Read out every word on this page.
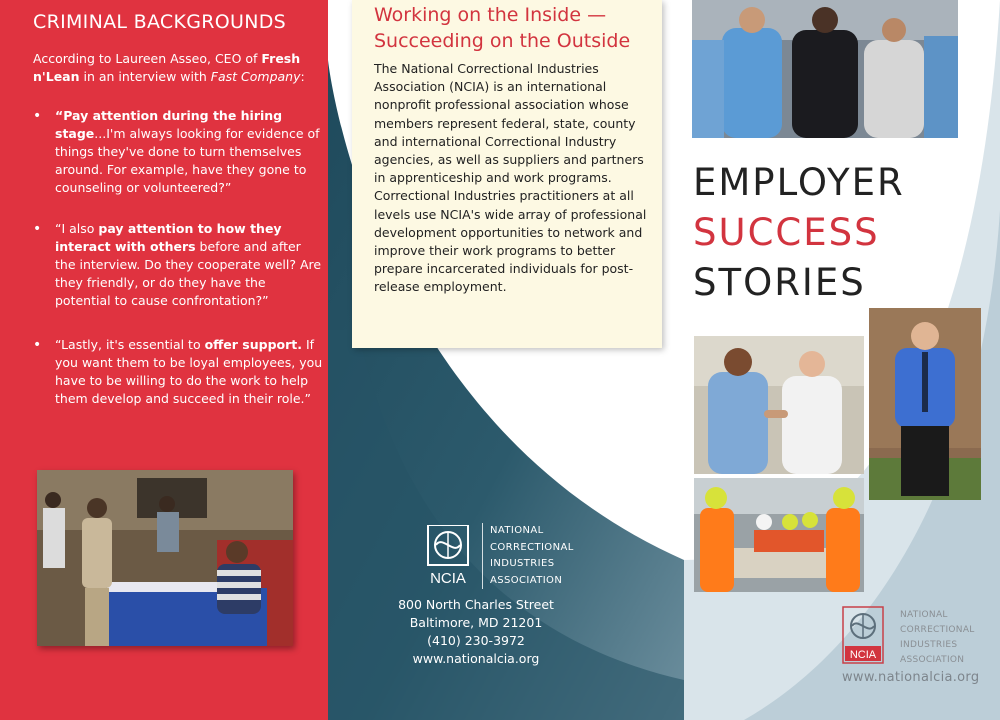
CRIMINAL BACKGROUNDS
According to Laureen Asseo, CEO of Fresh n'Lean in an interview with Fast Company:
• “Pay attention during the hiring stage...I'm always looking for evidence of things they've done to turn themselves around. For example, have they gone to counseling or volunteered?”
• “I also pay attention to how they interact with others before and after the interview. Do they cooperate well? Are they friendly, or do they have the potential to cause confrontation?”
• “Lastly, it's essential to offer support. If you want them to be loyal employees, you have to be willing to do the work to help them develop and succeed in their role.”
Working on the Inside —
Succeeding on the Outside
The National Correctional Industries Association (NCIA) is an international nonprofit professional association whose members represent federal, state, county and international Correctional Industry agencies, as well as suppliers and partners in apprenticeship and work programs. Correctional Industries practitioners at all levels use NCIA's wide array of professional development opportunities to network and improve their work programs to better prepare incarcerated individuals for post-release employment.
NCIA
NATIONAL
CORRECTIONAL
INDUSTRIES
ASSOCIATION
800 North Charles Street
Baltimore, MD 21201
(410) 230-3972
www.nationalcia.org
EMPLOYER
SUCCESS
STORIES
NCIA
NATIONAL
CORRECTIONAL
INDUSTRIES
ASSOCIATION
www.nationalcia.org
